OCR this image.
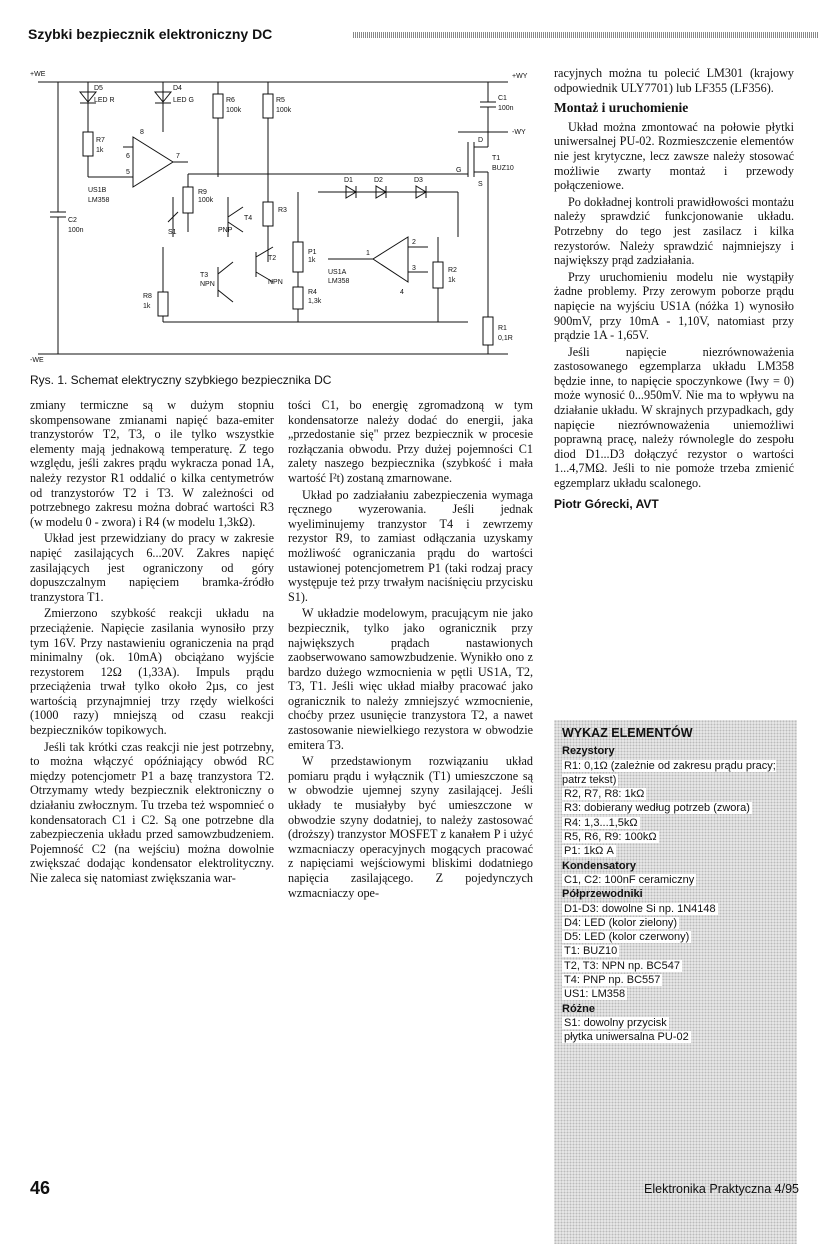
Szybki bezpiecznik elektroniczny DC
+WE
-WE
+WY
-WY
D5
LED R
D4
LED G	R6
100k
R5
100k
C1
100n
R7
1k
US1B
LM358
C2
100n
R9
100k
T4
PNP
S1
R3
T2
NPN
T3
NPN
P1
1k
R4
1,3k
R8
1k
D1	D2	D3
US1A
LM358
R2
1k
R1
0,1R
T1
BUZ10
G
D
S
1
2
3
4
5
6	7
8
Rys. 1. Schemat elektryczny szybkiego bezpiecznika DC

zmiany termiczne są w dużym stopniu skompensowane zmianami napięć baza-emiter tranzystorów T2, T3, o ile tylko wszystkie elementy mają jednakową temperaturę. Z tego względu, jeśli zakres prądu wykracza ponad 1A, należy rezystor R1 oddalić o kilka centymetrów od tranzystorów T2 i T3. W zależności od potrzebnego zakresu można dobrać wartości R3 (w modelu 0 - zwora) i R4 (w modelu 1,3kΩ).

Układ jest przewidziany do pracy w zakresie napięć zasilających 6...20V. Zakres napięć zasilających jest ograniczony od góry dopuszczalnym napięciem bramka-źródło tranzystora T1.

Zmierzono szybkość reakcji układu na przeciążenie. Napięcie zasilania wynosiło przy tym 16V. Przy nastawieniu ograniczenia na prąd minimalny (ok. 10mA) obciążano wyjście rezystorem 12Ω (1,33A). Impuls prądu przeciążenia trwał tylko około 2µs, co jest wartością przynajmniej trzy rzędy wielkości (1000 razy) mniejszą od czasu reakcji bezpieczników topikowych.

Jeśli tak krótki czas reakcji nie jest potrzebny, to można włączyć opóźniający obwód RC między potencjometr P1 a bazę tranzystora T2. Otrzymamy wtedy bezpiecznik elektroniczny o działaniu zwłocznym. Tu trzeba też wspomnieć o kondensatorach C1 i C2. Są one potrzebne dla zabezpieczenia układu przed samowzbudzeniem. Pojemność C2 (na wejściu) można dowolnie zwiększać dodając kondensator elektrolityczny. Nie zaleca się natomiast zwiększania war-

tości C1, bo energię zgromadzoną w tym kondensatorze należy dodać do energii, jaka „przedostanie się" przez bezpiecznik w procesie rozłączania obwodu. Przy dużej pojemności C1 zalety naszego bezpiecznika (szybkość i mała wartość I²t) zostaną zmarnowane.

Układ po zadziałaniu zabezpieczenia wymaga ręcznego wyzerowania. Jeśli jednak wyeliminujemy tranzystor T4 i zewrzemy rezystor R9, to zamiast odłączania uzyskamy możliwość ograniczania prądu do wartości ustawionej potencjometrem P1 (taki rodzaj pracy występuje też przy trwałym naciśnięciu przycisku S1).

W układzie modelowym, pracującym nie jako bezpiecznik, tylko jako ogranicznik przy największych prądach nastawionych zaobserwowano samowzbudzenie. Wynikło ono z bardzo dużego wzmocnienia w pętli US1A, T2, T3, T1. Jeśli więc układ miałby pracować jako ogranicznik to należy zmniejszyć wzmocnienie, choćby przez usunięcie tranzystora T2, a nawet zastosowanie niewielkiego rezystora w obwodzie emitera T3.

W przedstawionym rozwiązaniu układ pomiaru prądu i wyłącznik (T1) umieszczone są w obwodzie ujemnej szyny zasilającej. Jeśli układy te musiałyby być umieszczone w obwodzie szyny dodatniej, to należy zastosować (droższy) tranzystor MOSFET z kanałem P i użyć wzmacniaczy operacyjnych mogących pracować z napięciami wejściowymi bliskimi dodatniego napięcia zasilającego. Z pojedynczych wzmacniaczy ope-

racyjnych można tu polecić LM301 (krajowy odpowiednik ULY7701) lub LF355 (LF356).

Montaż i uruchomienie

Układ można zmontować na połowie płytki uniwersalnej PU-02. Rozmieszczenie elementów nie jest krytyczne, lecz zawsze należy stosować możliwie zwarty montaż i przewody połączeniowe.

Po dokładnej kontroli prawidłowości montażu należy sprawdzić funkcjonowanie układu. Potrzebny do tego jest zasilacz i kilka rezystorów. Należy sprawdzić najmniejszy i największy prąd zadziałania.

Przy uruchomieniu modelu nie wystąpiły żadne problemy. Przy zerowym poborze prądu napięcie na wyjściu US1A (nóżka 1) wynosiło 900mV, przy 10mA - 1,10V, natomiast przy prądzie 1A - 1,65V.

Jeśli napięcie niezrównoważenia zastosowanego egzemplarza układu LM358 będzie inne, to napięcie spoczynkowe (Iwy = 0) może wynosić 0...950mV. Nie ma to wpływu na działanie układu. W skrajnych przypadkach, gdy napięcie niezrównoważenia uniemożliwi poprawną pracę, należy równolegle do zespołu diod D1...D3 dołączyć rezystor o wartości 1...4,7MΩ. Jeśli to nie pomoże trzeba zmienić egzemplarz układu scalonego.

Piotr Górecki, AVT
WYKAZ ELEMENTÓW
Rezystory
R1: 0,1Ω (zależnie od zakresu prądu pracy; patrz tekst)
R2, R7, R8: 1kΩ
R3: dobierany według potrzeb (zwora)
R4: 1,3...1,5kΩ
R5, R6, R9: 100kΩ
P1: 1kΩ A
Kondensatory
C1, C2: 100nF ceramiczny
Półprzewodniki
D1-D3: dowolne Si np. 1N4148
D4: LED (kolor zielony)
D5: LED (kolor czerwony)
T1: BUZ10
T2, T3: NPN np. BC547
T4: PNP np. BC557
US1: LM358
Różne
S1: dowolny przycisk
płytka uniwersalna PU-02
46	Elektronika Praktyczna 4/95
